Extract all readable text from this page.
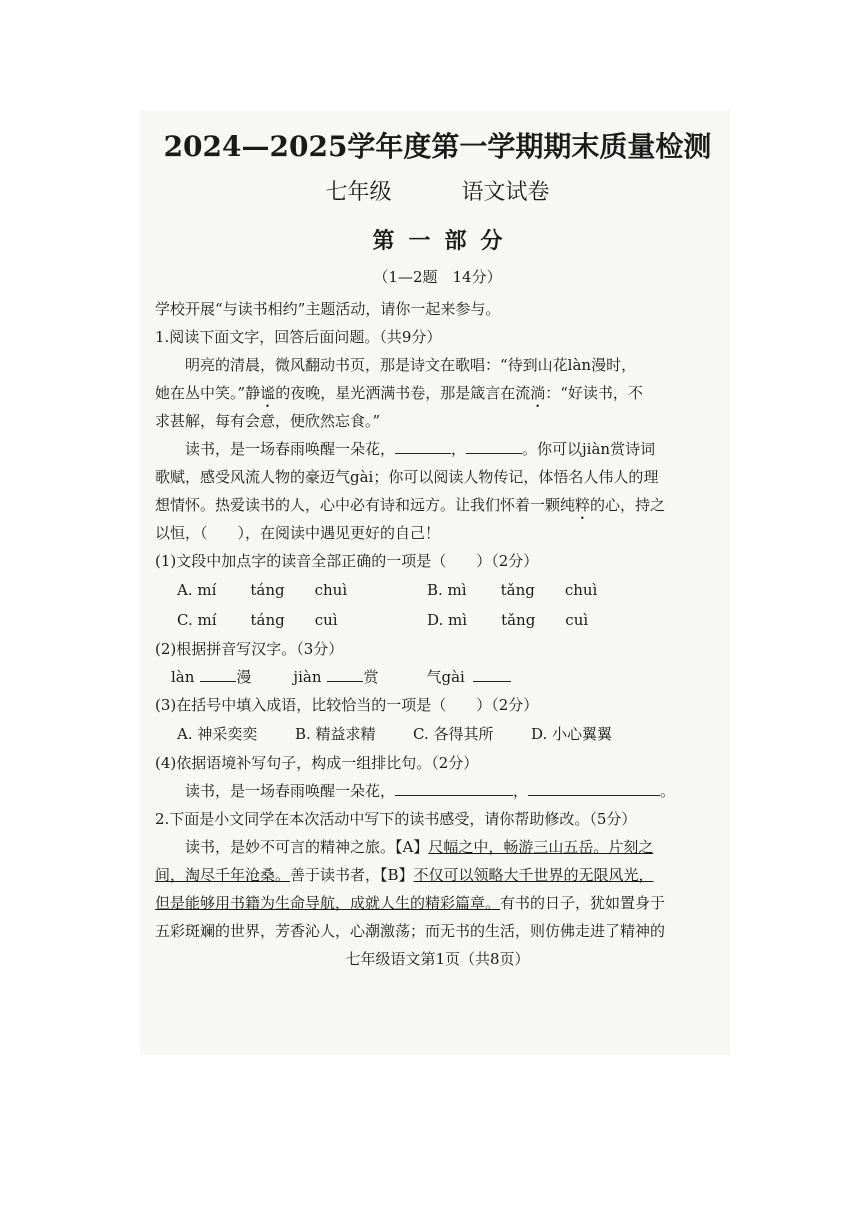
2024—2025学年度第一学期期末质量检测
七年级	语文试卷
第一部分
（1—2题　14分）
学校开展“与读书相约”主题活动，请你一起来参与。
1.阅读下面文字，回答后面问题。（共9分）
明亮的清晨，微风翻动书页，那是诗文在歌唱：“待到山花làn漫时，
她在丛中笑。”静谧的夜晚，星光洒满书卷，那是箴言在流淌：“好读书，不
求甚解，每有会意，便欣然忘食。”
读书，是一场春雨唤醒一朵花，	，	。你可以jiàn赏诗词
歌赋，感受风流人物的豪迈气gài；你可以阅读人物传记，体悟名人伟人的理
想情怀。热爱读书的人，心中必有诗和远方。让我们怀着一颗纯粹的心，持之
以恒，（　　），在阅读中遇见更好的自己！
(1)文段中加点字的读音全部正确的一项是（　　）（2分）
A. mí táng chuì	B. mì tǎng chuì
C. mí táng cuì	D. mì tǎng cuì
(2)根据拼音写汉字。（3分）
làn	漫	jiàn	赏	气gài
(3)在括号中填入成语，比较恰当的一项是（　　）（2分）
A. 神采奕奕	B. 精益求精	C. 各得其所	D. 小心翼翼
(4)依据语境补写句子，构成一组排比句。（2分）
读书，是一场春雨唤醒一朵花，	，	。
2.下面是小文同学在本次活动中写下的读书感受，请你帮助修改。（5分）
读书，是妙不可言的精神之旅。【A】尺幅之中，畅游三山五岳。片刻之
间，淘尽千年沧桑。善于读书者，【B】不仅可以领略大千世界的无限风光，
但是能够用书籍为生命导航，成就人生的精彩篇章。有书的日子，犹如置身于
五彩斑斓的世界，芳香沁人，心潮激荡；而无书的生活，则仿佛走进了精神的
七年级语文第1页（共8页）
